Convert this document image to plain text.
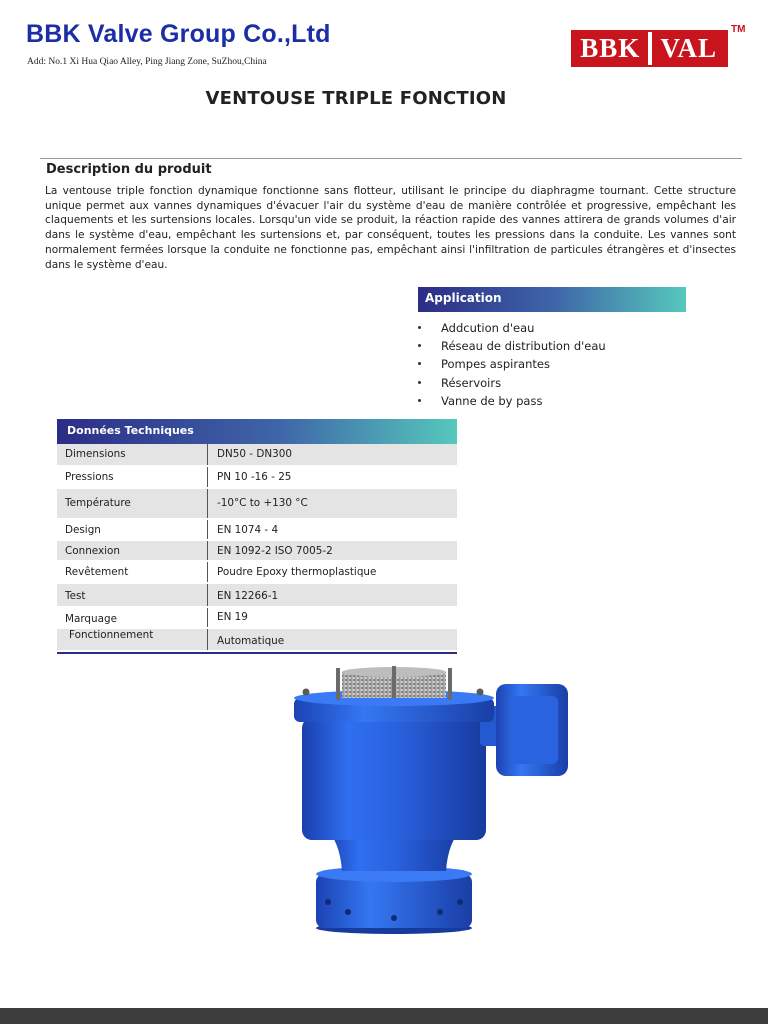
BBK Valve Group Co.,Ltd
Add: No.1 Xi Hua Qiao Alley, Ping Jiang Zone, SuZhou,China	BBK VAL
TM
VENTOUSE TRIPLE FONCTION
Description du produit

La ventouse triple fonction dynamique fonctionne sans flotteur, utilisant le principe du diaphragme tournant. Cette structure unique permet aux vannes dynamiques d'évacuer l'air du système d'eau de manière contrôlée et progressive, empêchant les claquements et les surtensions locales. Lorsqu'un vide se produit, la réaction rapide des vannes attirera de grands volumes d'air dans le système d'eau, empêchant les surtensions et, par conséquent, toutes les pressions dans la conduite. Les vannes sont normalement fermées lorsque la conduite ne fonctionne pas, empêchant ainsi l'infiltration de particules étrangères et d'insectes dans le système d'eau.

Application
Addcution d'eau
Réseau de distribution d'eau
Pompes aspirantes
Réservoirs
Vanne de by pass
Données Techniques
Dimensions	DN50 - DN300
Pressions	PN 10 -16 - 25
Température	-10°C to +130 °C
Design	EN 1074 - 4
Connexion	EN 1092-2 ISO 7005-2
Revêtement	Poudre Epoxy thermoplastique
Test	EN 12266-1
Marquage	EN 19
Fonctionnement	Automatique
